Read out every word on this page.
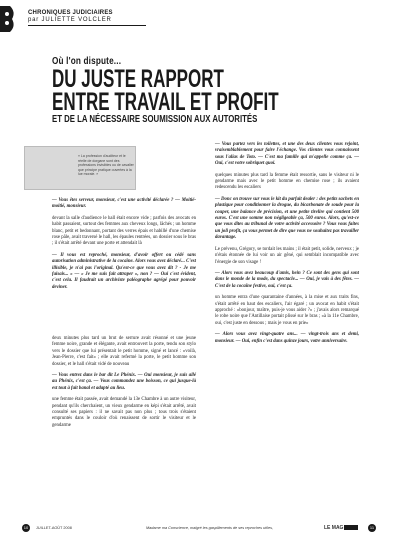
CHRONIQUES JUDICIAIRES
par JULIETTE VOLCLER
Où l'on dispute...
DU JUSTE RAPPORT
ENTRE TRAVAIL ET PROFIT
ET DE LA NÉCESSAIRE SOUMISSION AUX AUTORITÉS
« La profession d'auditeur et le réelle de dorgane sont des professions invisibles ou de cavalier que principe pratique ouvertes à la lue morale. »

— Vous êtes serveur, monsieur, c'est une activité déclarée ? — Moitié-moitié, monsieur.

devant la salle d'audience le hall était encore vide ; parfois des avocats en habit passaient, surtout des femmes aux cheveux longs, lâchés ; un homme blanc, petit et bedonnant, portant des verres épais et habillé d'une chemise rose pâle, avait traversé le hall, les épaules rentrées, un dossier sous le bras ; il s'était arrêté devant une porte et attendait là

— Il vous est reproché, monsieur, d'avoir offert ou cédé sans autorisation administrative de la cocaïne. Alors vous avez déclaré... C'est illisible, je n'ai pas l'original. Qu'est-ce que vous avez dit ? - Je me faisais... » — « Je me suis fait attraper », non ? — Oui c'est évident, c'est cela. Il faudrait un archiviste paléographe agrégé pour pouvoir deviner.

deux minutes plus tard un brut de serrure avait résonné et une jeune femme noire, grande et élégante, avait entrouvert la porte, tendu son stylo vers le dossier que lui présentait le petit homme, signé et lancé : «voilà, Jean-Pierre, c'est fait» ; elle avait refermé la porte, le petit homme son dossier, et le hall s'était vidé de nouveau

— Vous entrez dans le bar dit Le Phénix. — Oui monsieur, je suis allé au Phénix, c'est ça. — Vous commandez une boisson, ce qui jusque-là est tout à fait banal et adapté au lieu.

une femme était passée, avait demandé la 13e Chambre à un autre visiteur, pendant qu'ils cherchaient, un vieux gendarme en képi s'était arrêté, avait consulté ses papiers : il ne savait pas non plus ; tous trois s'étaient empruntés dans le couloir d'où renaissent de sortir le visiteur et le gendarme

— Vous partez vers les toilettes, et une des deux clientes vous rejoint, vraisemblablement pour faire l'échange. Vos clientes vous connaissent sous l'alias de Toto. — C'est ma famille qui m'appelle comme ça. — Oui, c'est votre sobriquet quoi.

quelques minutes plus tard la femme était ressortie, sans le visiteur ni le gendarme mais avec le petit homme en chemise rose ; ils avaient redescendu les escaliers

— Donc on trouve sur vous le kit du parfait dealer : des petits sachets en plastique pour conditionner la drogue, du bicarbonate de soude pour la couper, une balance de précision, et une petite tirelire qui contient 500 euros. C'est une somme non négligeable ça, 500 euros. Alors, qu'est-ce que vous dites au tribunal de votre activité accessoire ? Vous vous faites un joli profit, ça vous permet de dire que vous ne souhaitez pas travailler davantage.

Le prévenu, Grégory, se tordait les mains ; il était petit, solide, nerveux ; je n'étais étonnée de lui voir un air gêné, qui semblait incompatible avec l'énergie de son visage !

— Alors vous avez beaucoup d'amis, hein ? Ce sont des gens qui sont dans le monde de la mode, du spectacle... — Oui, je vais à des fêtes. — C'est de la cocaïne festive, oui, c'est ça.

un homme entra d'une quarantaine d'années, à la mise et aux traits fins, s'était arrêté en haut des escaliers, l'air égaré ; un avocat en habit s'était approché : «bonjour, maître, puis-je vous aider ?» ; j'avais alors remarqué le robe noire que l'Antillaise portait plissé sur le bras ; «à la 11e Chambre, oui, c'est juste en dessous ; mais je vous en prie»

— Alors vous avez vingt-quatre ans... — vingt-trois ans et demi, monsieur. — Oui, enfin c'est dans quinze jours, votre anniversaire.

10	JUILLET-AOÛT 2008	Madame ma Conscience, malgré les gaspillements de ses reproches utiles,	LE MAG	11
